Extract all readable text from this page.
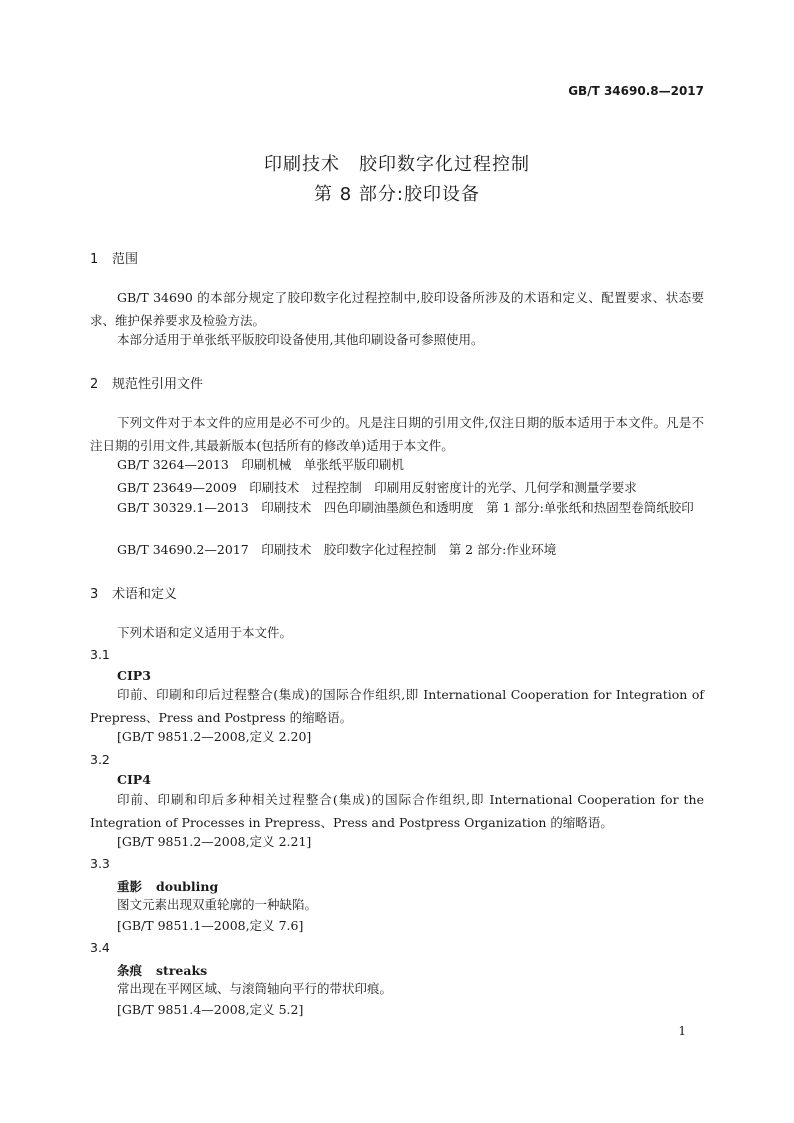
GB/T 34690.8—2017
印刷技术　胶印数字化过程控制
第 8 部分:胶印设备
1 范围
GB/T 34690 的本部分规定了胶印数字化过程控制中,胶印设备所涉及的术语和定义、配置要求、状态要求、维护保养要求及检验方法。
本部分适用于单张纸平版胶印设备使用,其他印刷设备可参照使用。
2 规范性引用文件
下列文件对于本文件的应用是必不可少的。凡是注日期的引用文件,仅注日期的版本适用于本文件。凡是不注日期的引用文件,其最新版本(包括所有的修改单)适用于本文件。
GB/T 3264—2013　印刷机械　单张纸平版印刷机
GB/T 23649—2009　印刷技术　过程控制　印刷用反射密度计的光学、几何学和测量学要求
GB/T 30329.1—2013　印刷技术　四色印刷油墨颜色和透明度　第 1 部分:单张纸和热固型卷筒纸胶印
GB/T 34690.2—2017　印刷技术　胶印数字化过程控制　第 2 部分:作业环境
3 术语和定义
下列术语和定义适用于本文件。
3.1
CIP3
印前、印刷和印后过程整合(集成)的国际合作组织,即 International Cooperation for Integration of Prepress、Press and Postpress 的缩略语。
[GB/T 9851.2—2008,定义 2.20]
3.2
CIP4
印前、印刷和印后多种相关过程整合(集成)的国际合作组织,即 International Cooperation for the Integration of Processes in Prepress、Press and Postpress Organization 的缩略语。
[GB/T 9851.2—2008,定义 2.21]
3.3
重影 doubling
图文元素出现双重轮廓的一种缺陷。
[GB/T 9851.1—2008,定义 7.6]
3.4
条痕 streaks
常出现在平网区域、与滚筒轴向平行的带状印痕。
[GB/T 9851.4—2008,定义 5.2]
1
